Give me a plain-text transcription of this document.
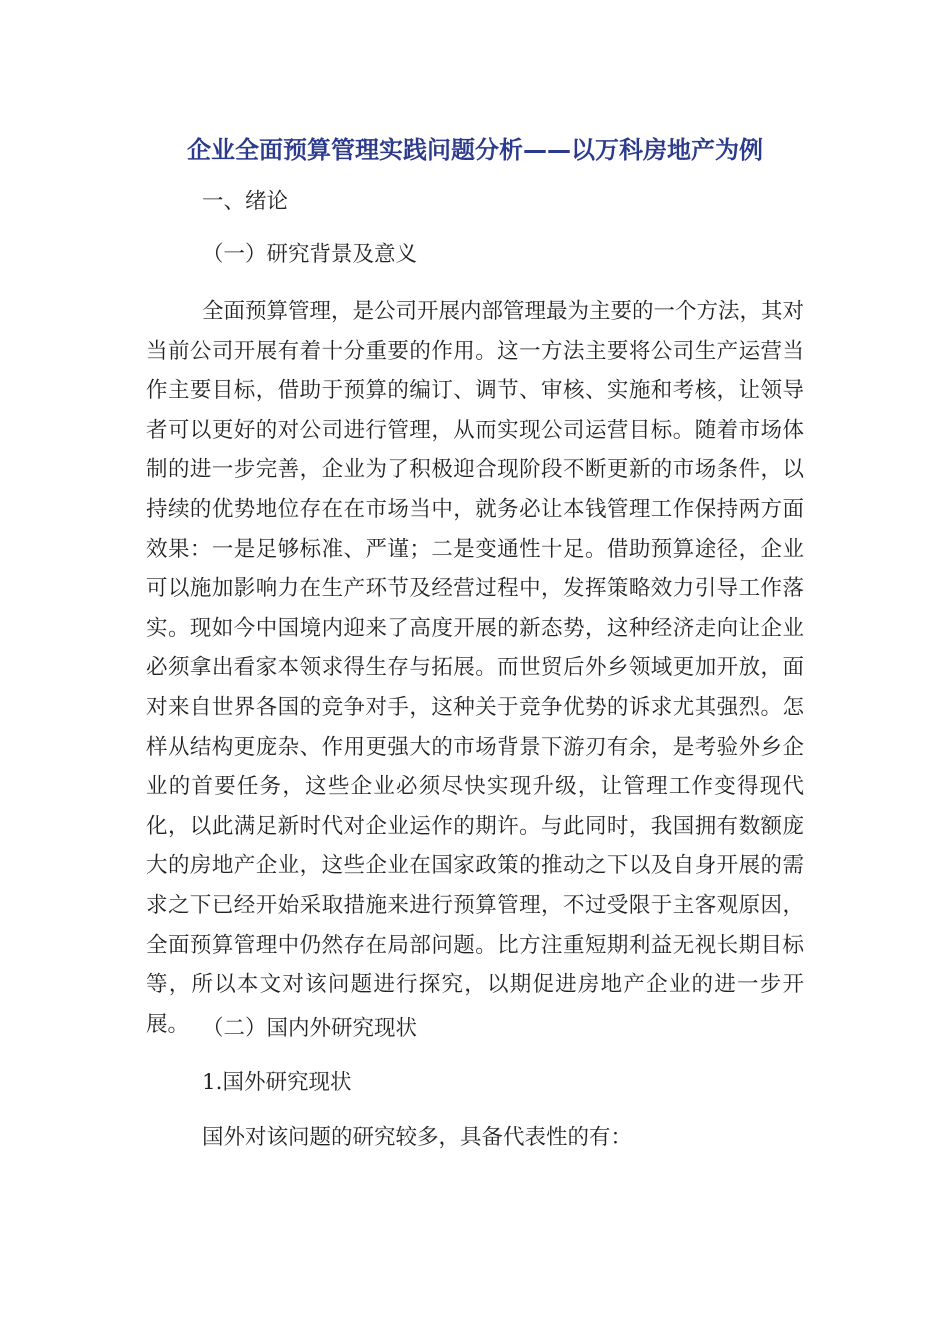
企业全面预算管理实践问题分析——以万科房地产为例
一、绪论
（一）研究背景及意义

全面预算管理，是公司开展内部管理最为主要的一个方法，其对当前公司开展有着十分重要的作用。这一方法主要将公司生产运营当作主要目标，借助于预算的编订、调节、审核、实施和考核，让领导者可以更好的对公司进行管理，从而实现公司运营目标。随着市场体制的进一步完善，企业为了积极迎合现阶段不断更新的市场条件，以持续的优势地位存在在市场当中，就务必让本钱管理工作保持两方面效果：一是足够标准、严谨；二是变通性十足。借助预算途径，企业可以施加影响力在生产环节及经营过程中，发挥策略效力引导工作落实。现如今中国境内迎来了高度开展的新态势，这种经济走向让企业必须拿出看家本领求得生存与拓展。而世贸后外乡领域更加开放，面对来自世界各国的竞争对手，这种关于竞争优势的诉求尤其强烈。怎样从结构更庞杂、作用更强大的市场背景下游刃有余，是考验外乡企业的首要任务，这些企业必须尽快实现升级，让管理工作变得现代化，以此满足新时代对企业运作的期许。与此同时，我国拥有数额庞大的房地产企业，这些企业在国家政策的推动之下以及自身开展的需求之下已经开始采取措施来进行预算管理，不过受限于主客观原因，全面预算管理中仍然存在局部问题。比方注重短期利益无视长期目标等，所以本文对该问题进行探究，以期促进房地产企业的进一步开展。 （二）国内外研究现状
1.国外研究现状
国外对该问题的研究较多，具备代表性的有：
